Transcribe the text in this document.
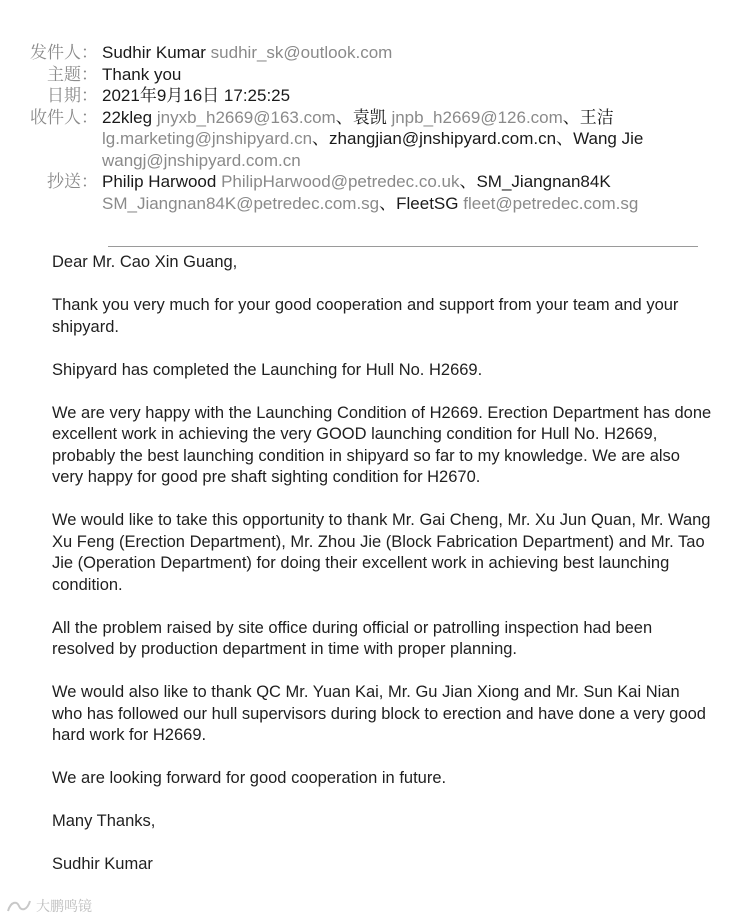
发件人： Sudhir Kumar sudhir_sk@outlook.com
主题： Thank you
日期： 2021年9月16日 17:25:25
收件人： 22kleg jnyxb_h2669@163.com、袁凯 jnpb_h2669@126.com、王洁 lg.marketing@jnshipyard.cn、zhangjian@jnshipyard.com.cn、Wang Jie wangj@jnshipyard.com.cn
抄送： Philip Harwood PhilipHarwood@petredec.co.uk、SM_Jiangnan84K SM_Jiangnan84K@petredec.com.sg、FleetSG fleet@petredec.com.sg

Dear Mr. Cao Xin Guang,

Thank you very much for your good cooperation and support from your team and your shipyard.

Shipyard has completed the Launching for Hull No. H2669.

We are very happy with the Launching Condition of H2669. Erection Department has done excellent work in achieving the very GOOD launching condition for Hull No. H2669, probably the best launching condition in shipyard so far to my knowledge. We are also very happy for good pre shaft sighting condition for H2670.

We would like to take this opportunity to thank Mr. Gai Cheng, Mr. Xu Jun Quan, Mr. Wang Xu Feng (Erection Department), Mr. Zhou Jie (Block Fabrication Department) and Mr. Tao Jie (Operation Department) for doing their excellent work in achieving best launching condition.

All the problem raised by site office during official or patrolling inspection had been resolved by production department in time with proper planning.

We would also like to thank QC Mr. Yuan Kai, Mr. Gu Jian Xiong and Mr. Sun Kai Nian who has followed our hull supervisors during block to erection and have done a very good hard work for H2669.

We are looking forward for good cooperation in future.

Many Thanks,

Sudhir Kumar

大鹏鸣镜
